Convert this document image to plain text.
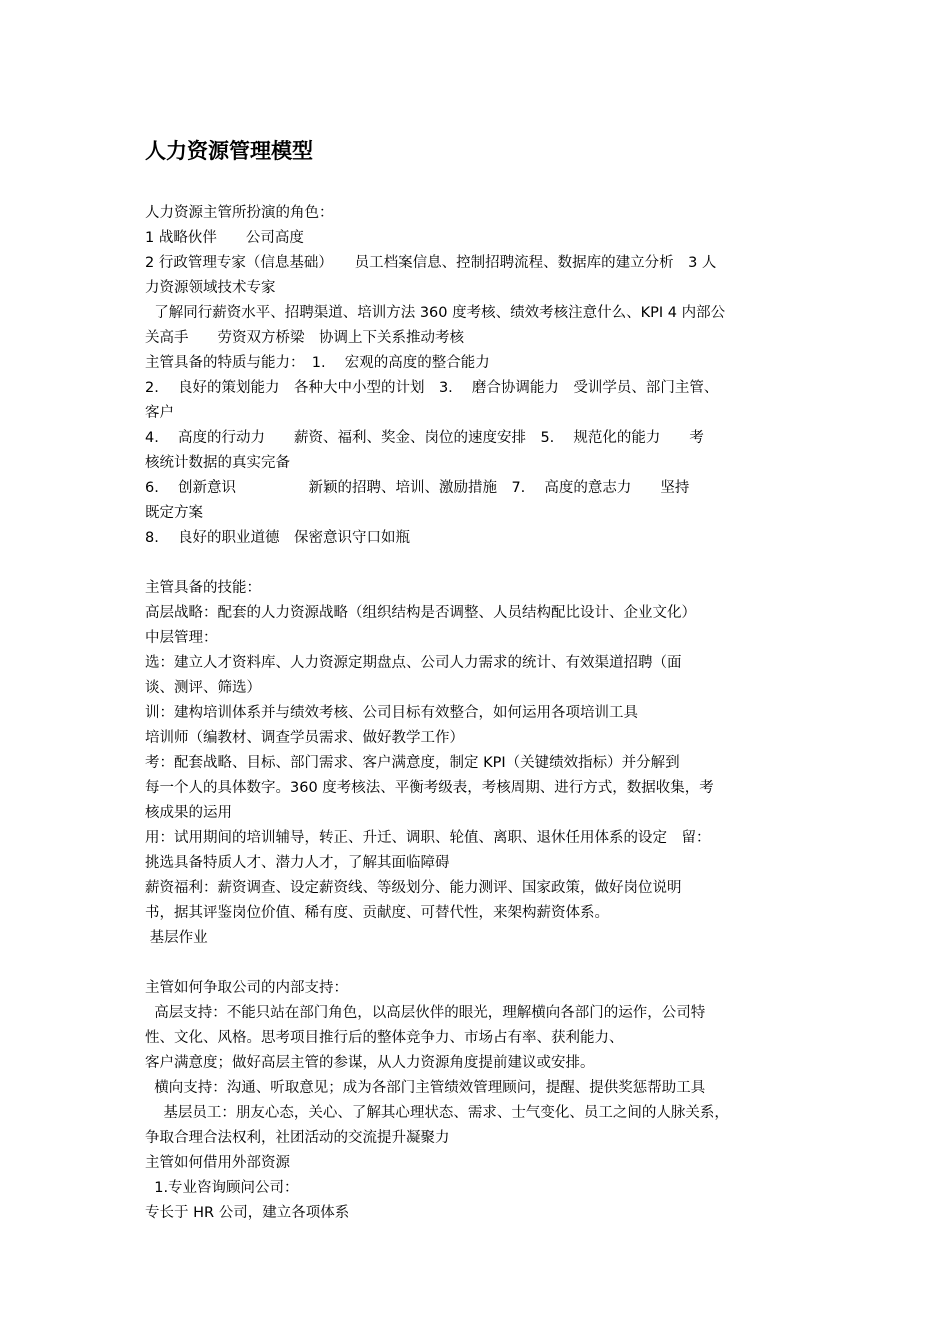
人力资源管理模型
人力资源主管所扮演的角色：
1 战略伙伴　　公司高度
2 行政管理专家（信息基础）　　员工档案信息、控制招聘流程、数据库的建立分析　3 人
力资源领域技术专家
了解同行薪资水平、招聘渠道、培训方法 360 度考核、绩效考核注意什么、KPI 4 内部公
关高手　　劳资双方桥梁　协调上下关系推动考核
主管具备的特质与能力：　1.　 宏观的高度的整合能力
2.　 良好的策划能力　各种大中小型的计划　3.　 磨合协调能力　受训学员、部门主管、
客户
4.　 高度的行动力　　薪资、福利、奖金、岗位的速度安排　5.　 规范化的能力　　考
核统计数据的真实完备
6.　 创新意识　　　　　新颖的招聘、培训、激励措施　7.　 高度的意志力　　坚持
既定方案
8.　 良好的职业道德　保密意识守口如瓶
主管具备的技能：
高层战略：配套的人力资源战略（组织结构是否调整、人员结构配比设计、企业文化）
中层管理：
选：建立人才资料库、人力资源定期盘点、公司人力需求的统计、有效渠道招聘（面
谈、测评、筛选）
训：建构培训体系并与绩效考核、公司目标有效整合，如何运用各项培训工具
培训师（编教材、调查学员需求、做好教学工作）
考：配套战略、目标、部门需求、客户满意度，制定 KPI（关键绩效指标）并分解到
每一个人的具体数字。360 度考核法、平衡考级表，考核周期、进行方式，数据收集，考
核成果的运用
用：试用期间的培训辅导，转正、升迁、调职、轮值、离职、退休任用体系的设定　留：
挑选具备特质人才、潜力人才，了解其面临障碍
薪资福利：薪资调查、设定薪资线、等级划分、能力测评、国家政策，做好岗位说明
书，据其评鉴岗位价值、稀有度、贡献度、可替代性，来架构薪资体系。
基层作业
主管如何争取公司的内部支持：
高层支持：不能只站在部门角色，以高层伙伴的眼光，理解横向各部门的运作，公司特
性、文化、风格。思考项目推行后的整体竞争力、市场占有率、获利能力、
客户满意度；做好高层主管的参谋，从人力资源角度提前建议或安排。
横向支持：沟通、听取意见；成为各部门主管绩效管理顾问，提醒、提供奖惩帮助工具
基层员工：朋友心态，关心、了解其心理状态、需求、士气变化、员工之间的人脉关系，
争取合理合法权利，社团活动的交流提升凝聚力
主管如何借用外部资源
1.专业咨询顾问公司：
专长于 HR 公司，建立各项体系
